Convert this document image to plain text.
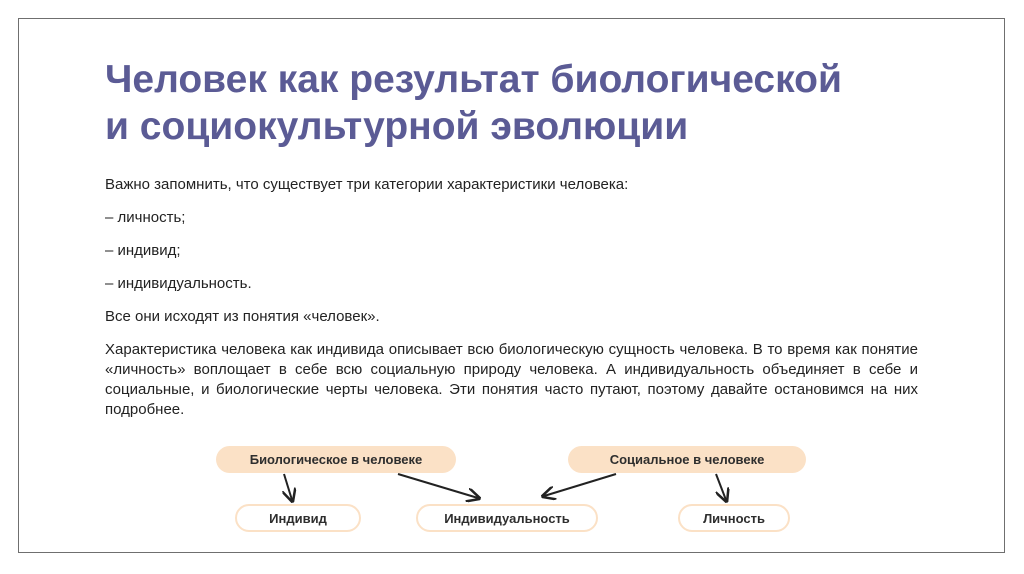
Человек как результат биологической
и социокультурной эволюции

Важно запомнить, что существует три категории характеристики человека:

– личность;

– индивид;

– индивидуальность.

Все они исходят из понятия «человек».

Характеристика человека как индивида описывает всю биологическую сущность человека. В то время как понятие «личность» воплощает в себе всю социальную природу человека. А индивидуальность объединяет в себе и социальные, и биологические черты человека. Эти понятия часто путают, поэтому давайте остановимся на них подробнее.

Биологическое в человеке	Социальное в человеке
Индивид	Индивидуальность	Личность
